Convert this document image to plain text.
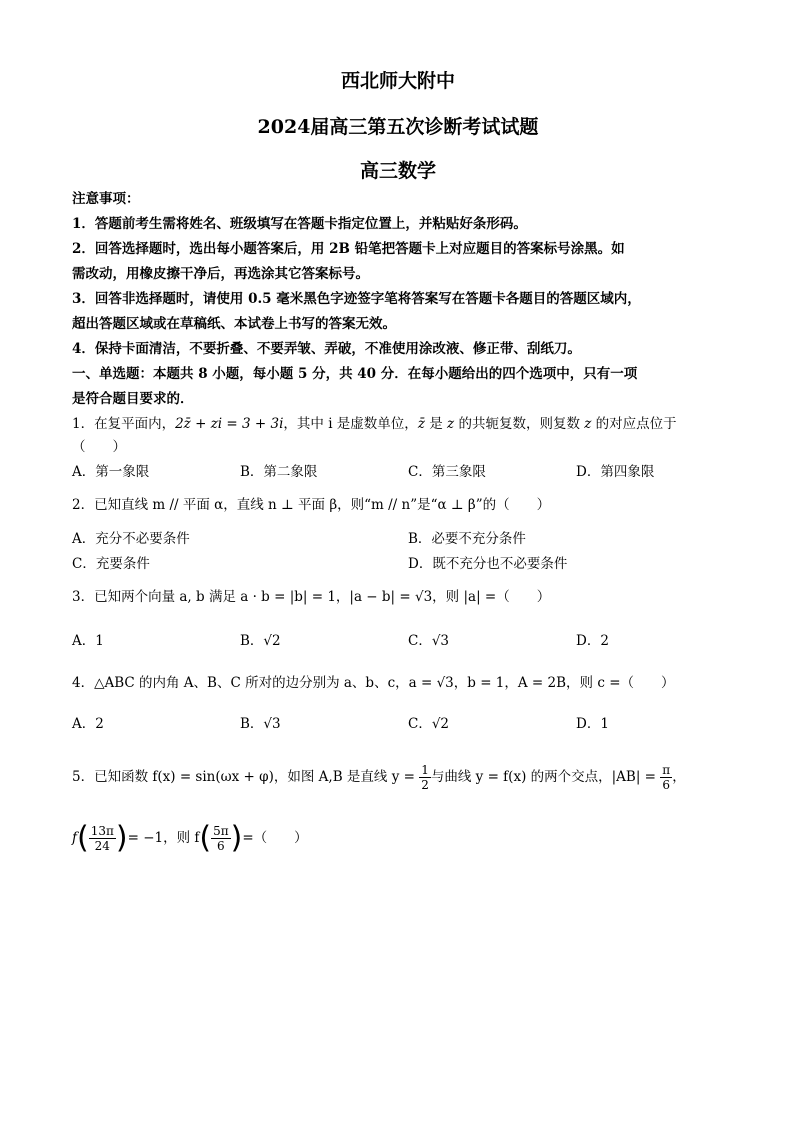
西北师大附中
2024届高三第五次诊断考试试题
高三数学
注意事项：
1．答题前考生需将姓名、班级填写在答题卡指定位置上，并粘贴好条形码。
2．回答选择题时，选出每小题答案后，用 2B 铅笔把答题卡上对应题目的答案标号涂黑。如
需改动，用橡皮擦干净后，再选涂其它答案标号。
3．回答非选择题时，请使用 0.5 毫米黑色字迹签字笔将答案写在答题卡各题目的答题区域内，
超出答题区域或在草稿纸、本试卷上书写的答案无效。
4．保持卡面清洁，不要折叠、不要弄皱、弄破，不准使用涂改液、修正带、刮纸刀。
一、单选题：本题共 8 小题，每小题 5 分，共 40 分．在每小题给出的四个选项中，只有一项
是符合题目要求的．
1．在复平面内，2z̄ + zi = 3 + 3i，其中 i 是虚数单位，z̄ 是 z 的共轭复数，则复数 z 的对应点位于
（　　）
A．第一象限	B．第二象限	C．第三象限	D．第四象限
2．已知直线 m // 平面 α，直线 n ⊥ 平面 β，则“m // n”是“α ⊥ β”的（　　）
A．充分不必要条件	B．必要不充分条件
C．充要条件	D．既不充分也不必要条件
3．已知两个向量 a, b 满足 a · b = |b| = 1，|a − b| = √3，则 |a| =（　　）
A．1	B．√2	C．√3	D．2
4．△ABC 的内角 A、B、C 所对的边分别为 a、b、c，a = √3，b = 1，A = 2B，则 c =（　　）
A．2	B．√3	C．√2	D．1
5．已知函数 f(x) = sin(ωx + φ)，如图 A,B 是直线 $y = \frac{1}{2}$ 与曲线 y = f(x) 的两个交点，$|AB| = \frac{\pi}{6}$ ，
$f( \frac{13\pi}{24}$ )= −1，则 $f( \frac{5\pi}{6}$ )=（　　）
